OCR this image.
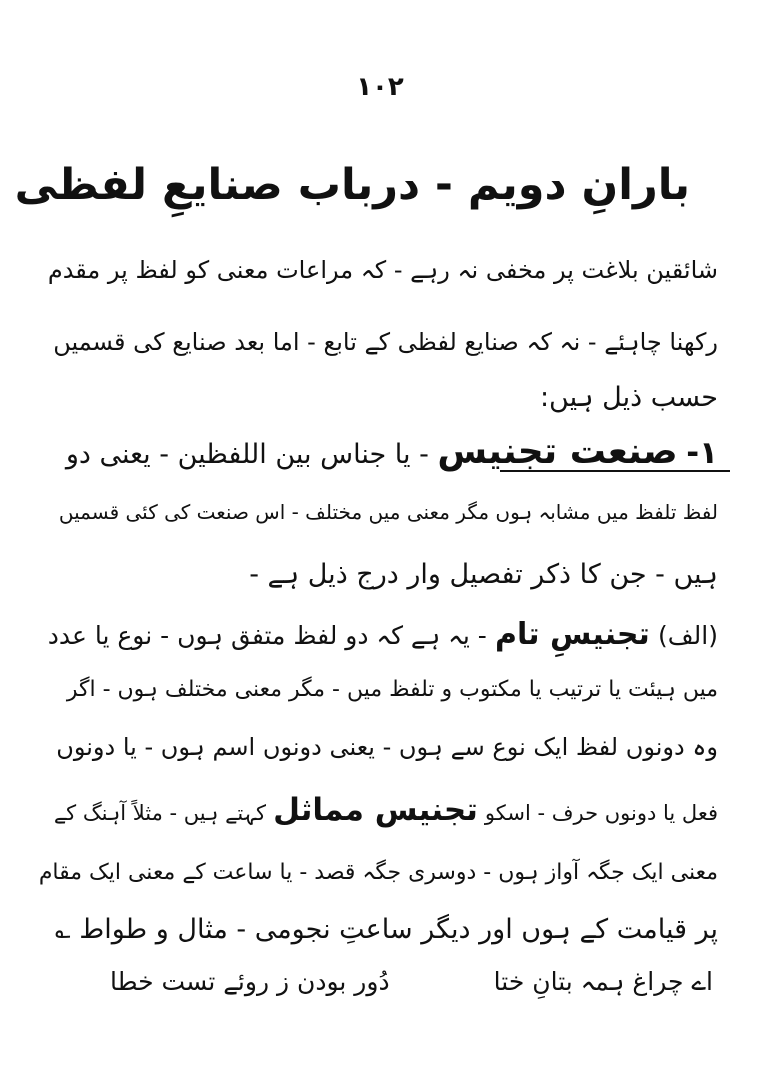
۱۰۲
بارانِ دویم - درباب صنایعِ لفظی
شائقین بلاغت پر مخفی نہ رہے - کہ مراعات معنی کو لفظ پر مقدم
رکھنا چاہئے - نہ کہ صنایع لفظی کے تابع - اما بعد صنایع کی قسمیں
حسب ذیل ہیں:
۱- صنعت تجنیس - یا جناس بین اللفظین - یعنی دو
لفظ تلفظ میں مشابہ ہوں مگر معنی میں مختلف - اس صنعت کی کئی قسمیں
ہیں - جن کا ذکر تفصیل وار درج ذیل ہے -
(الف) تجنیسِ تام - یہ ہے کہ دو لفظ متفق ہوں - نوع یا عدد
میں ہیئت یا ترتیب یا مکتوب و تلفظ میں - مگر معنی مختلف ہوں - اگر
وہ دونوں لفظ ایک نوع سے ہوں - یعنی دونوں اسم ہوں - یا دونوں
فعل یا دونوں حرف - اسکو تجنیس مماثل کہتے ہیں - مثلاً آہنگ کے
معنی ایک جگہ آواز ہوں - دوسری جگہ قصد - یا ساعت کے معنی ایک مقام
پر قیامت کے ہوں اور دیگر ساعتِ نجومی - مثال و طواط ؎
اے چراغ ہمہ بتانِ ختا
دُور بودن ز روئے تست خطا
